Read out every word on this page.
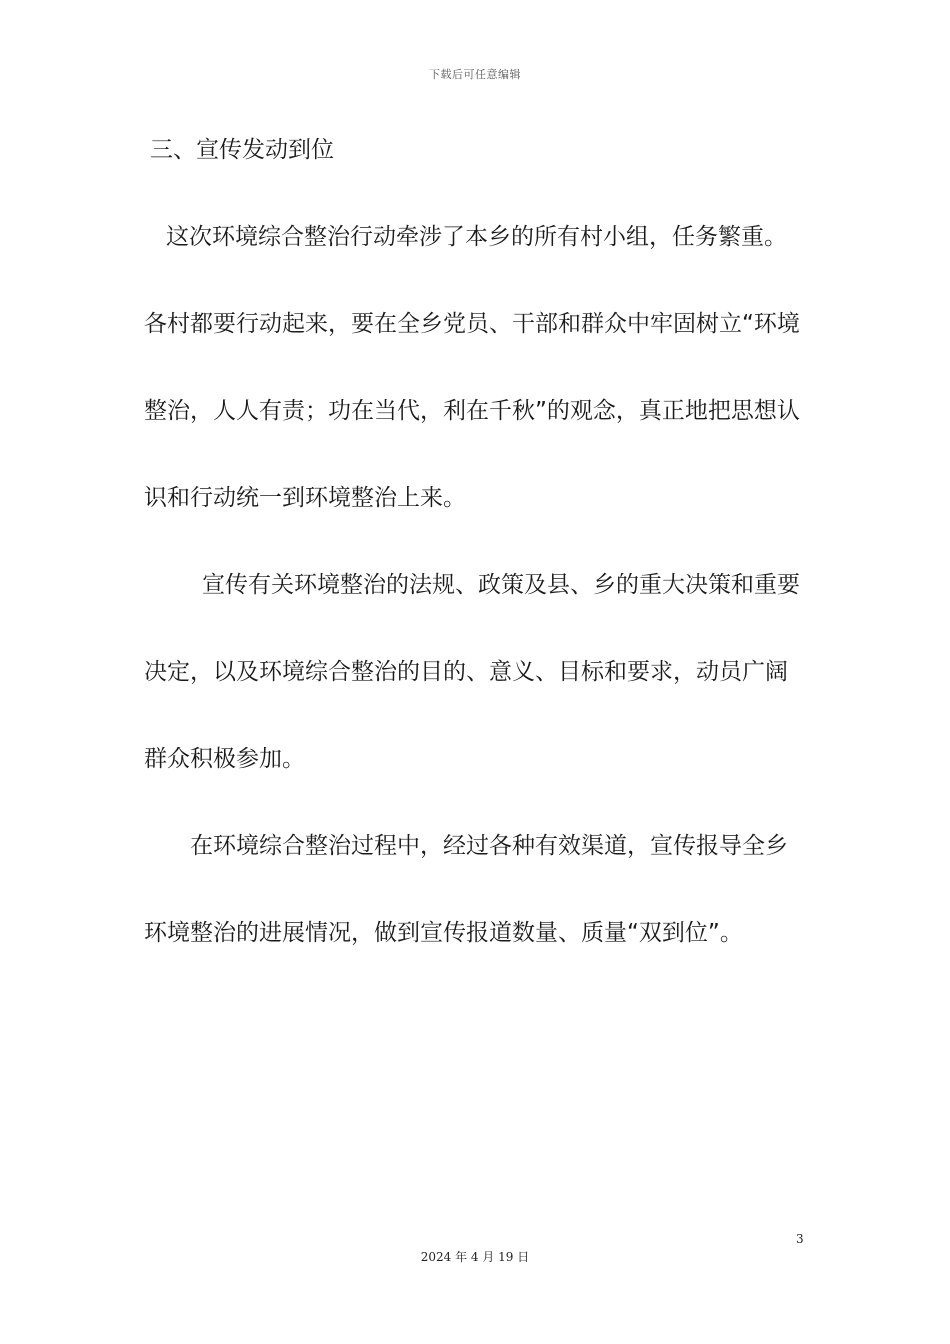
下载后可任意编辑
三、宣传发动到位
这次环境综合整治行动牵涉了本乡的所有村小组，任务繁重。
各村都要行动起来，要在全乡党员、干部和群众中牢固树立“环境
整治，人人有责；功在当代，利在千秋”的观念，真正地把思想认
识和行动统一到环境整治上来。
宣传有关环境整治的法规、政策及县、乡的重大决策和重要
决定，以及环境综合整治的目的、意义、目标和要求，动员广阔
群众积极参加。
在环境综合整治过程中，经过各种有效渠道，宣传报导全乡
环境整治的进展情况，做到宣传报道数量、质量“双到位”。
3
2024 年 4 月 19 日
